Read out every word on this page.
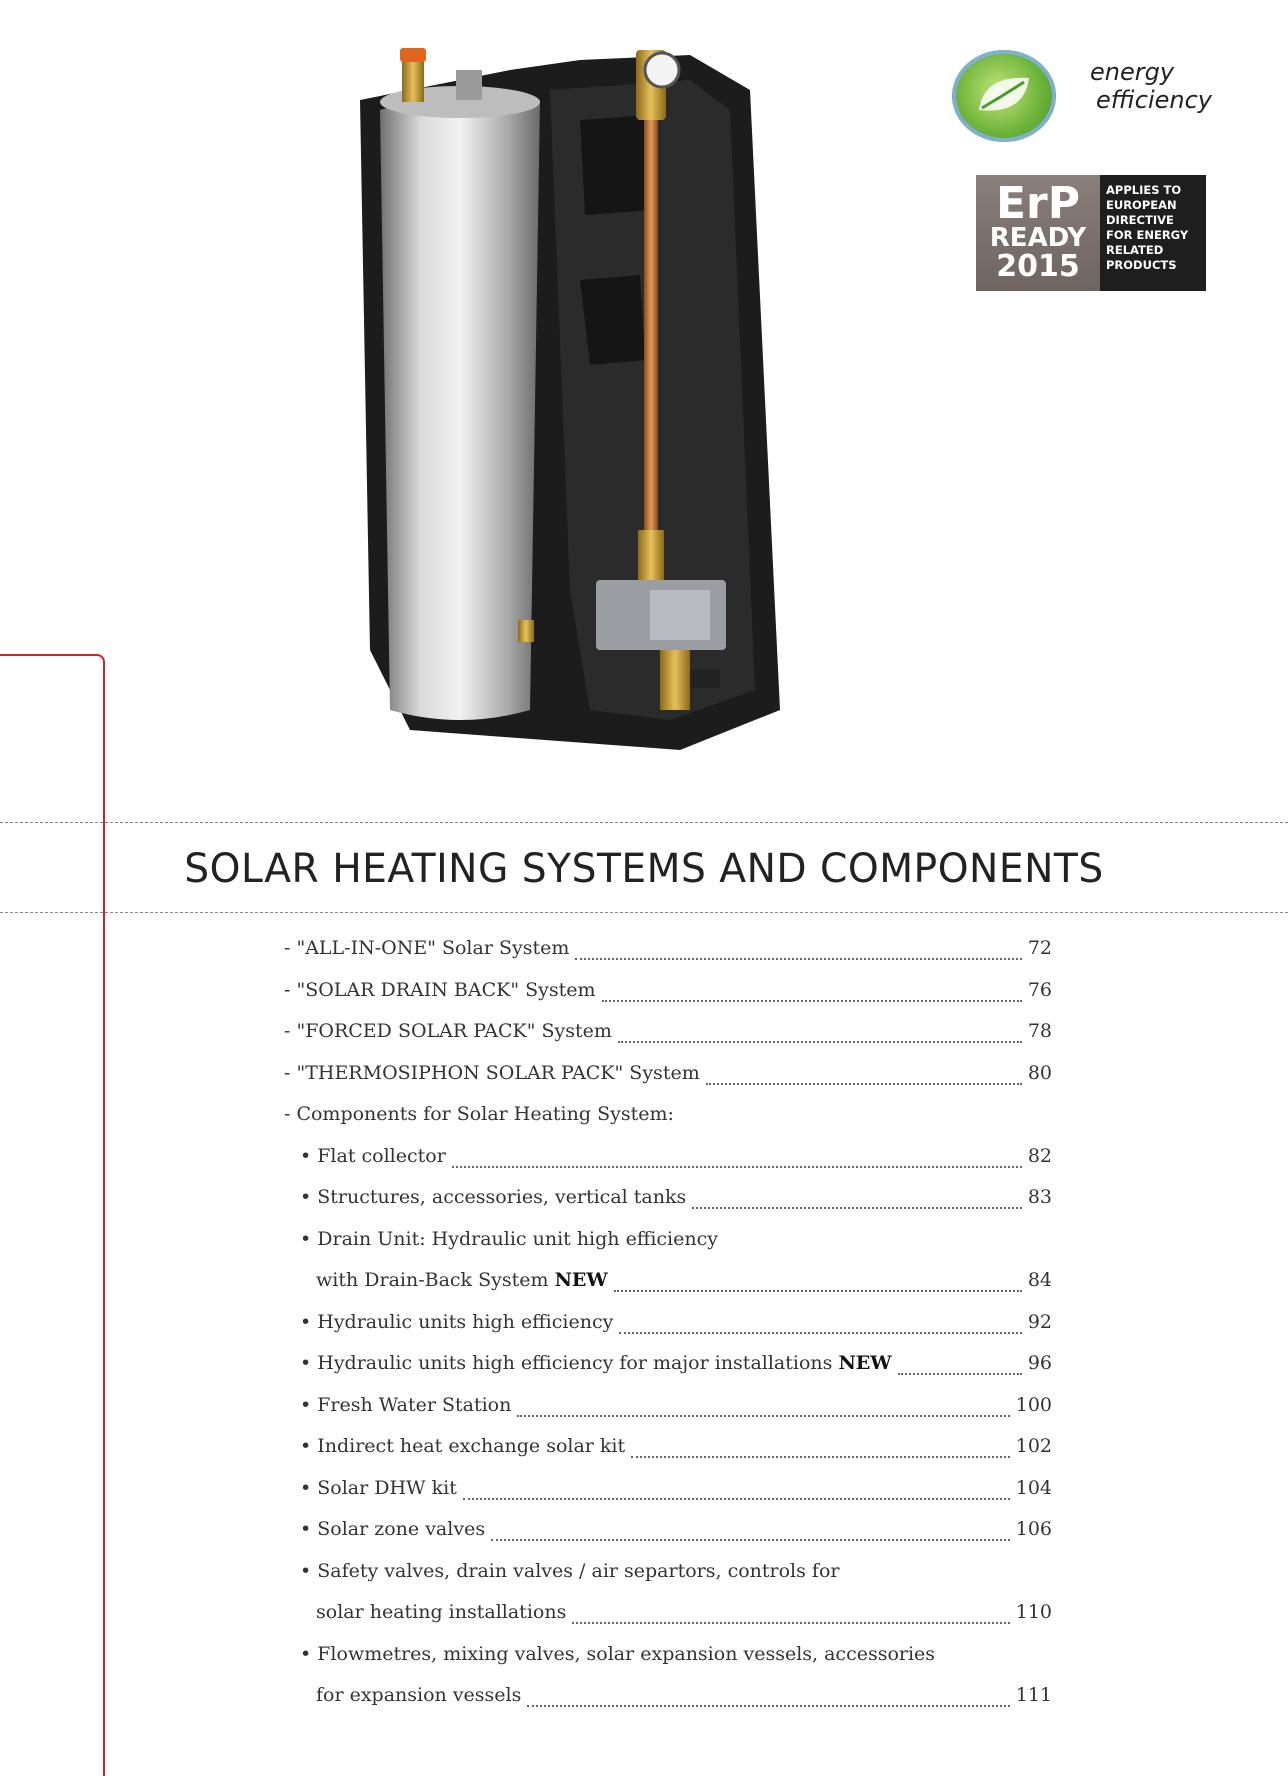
energy
efficiency
ErP
READY
2015
APPLIES TO
EUROPEAN
DIRECTIVE
FOR ENERGY
RELATED
PRODUCTS
SOLAR HEATING SYSTEMS AND COMPONENTS
- "ALL-IN-ONE" Solar System	72
- "SOLAR DRAIN BACK" System	76
- "FORCED SOLAR PACK" System	78
- "THERMOSIPHON SOLAR PACK" System	80
- Components for Solar Heating System:
• Flat collector	82
• Structures, accessories, vertical tanks	83
• Drain Unit: Hydraulic unit high efficiency
with Drain-Back System NEW	84
• Hydraulic units high efficiency	92
• Hydraulic units high efficiency for major installations NEW	96
• Fresh Water Station	100
• Indirect heat exchange solar kit	102
• Solar DHW kit	104
• Solar zone valves	106
• Safety valves, drain valves / air separtors, controls for
solar heating installations	110
• Flowmetres, mixing valves, solar expansion vessels, accessories
for expansion vessels	111
